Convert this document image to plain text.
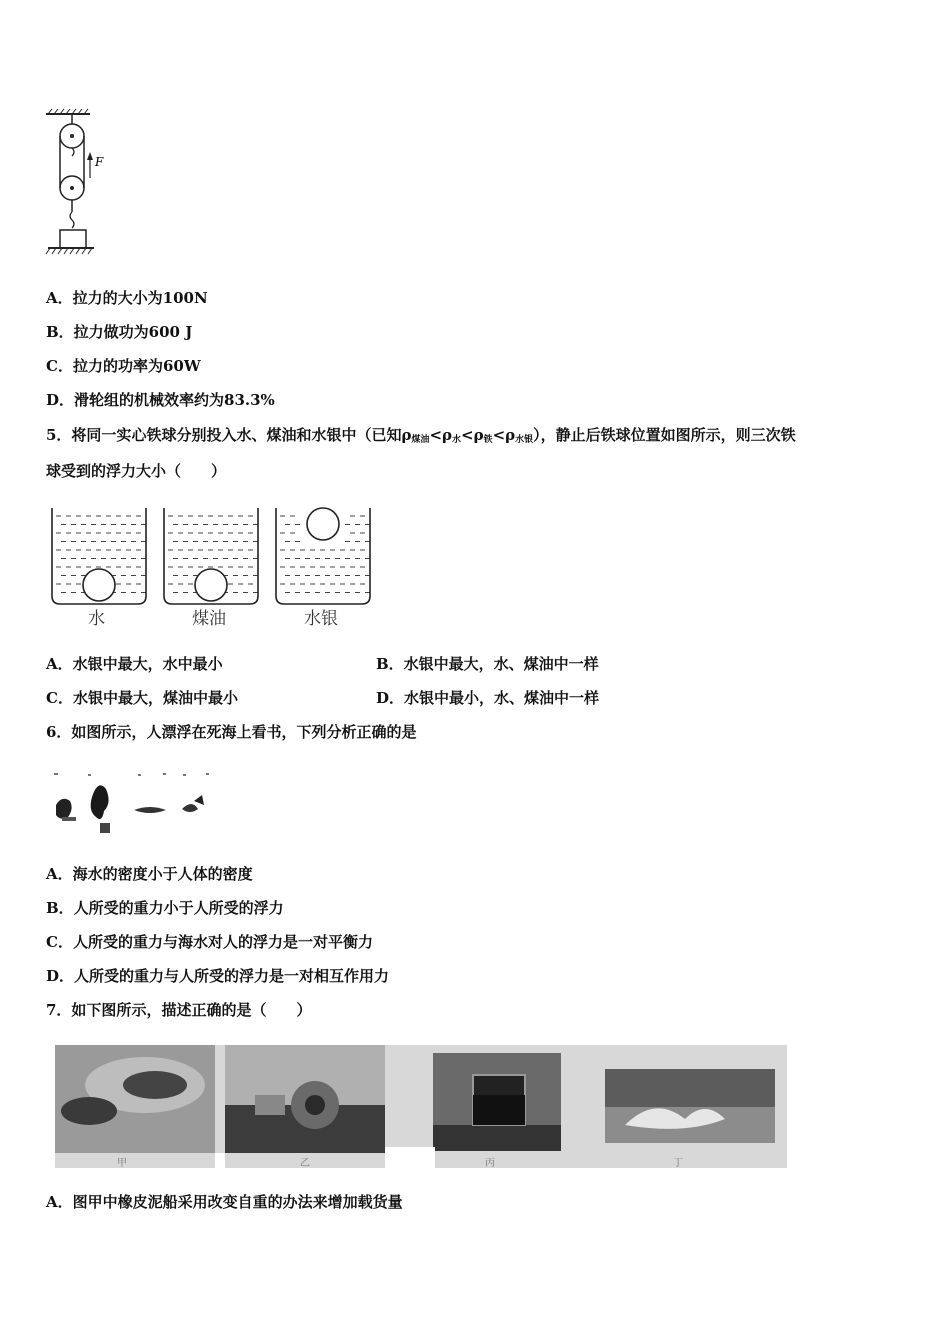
F
A．拉力的大小为100N
B．拉力做功为600 J
C．拉力的功率为60W
D．滑轮组的机械效率约为83.3%
5．将同一实心铁球分别投入水、煤油和水银中（已知$\rho_{煤油}<\rho_水<\rho_铁<\rho_{水银}$），静止后铁球位置如图所示，则三次铁
球受到的浮力大小（　　）
水	煤油	水银
A．水银中最大，水中最小	B．水银中最大，水、煤油中一样
C．水银中最大，煤油中最小	D．水银中最小，水、煤油中一样
6．如图所示，人漂浮在死海上看书，下列分析正确的是
A．海水的密度小于人体的密度
B．人所受的重力小于人所受的浮力
C．人所受的重力与海水对人的浮力是一对平衡力
D．人所受的重力与人所受的浮力是一对相互作用力
7．如下图所示，描述正确的是（　　）
甲	乙	丙	丁
A．图甲中橡皮泥船采用改变自重的办法来增加载货量
